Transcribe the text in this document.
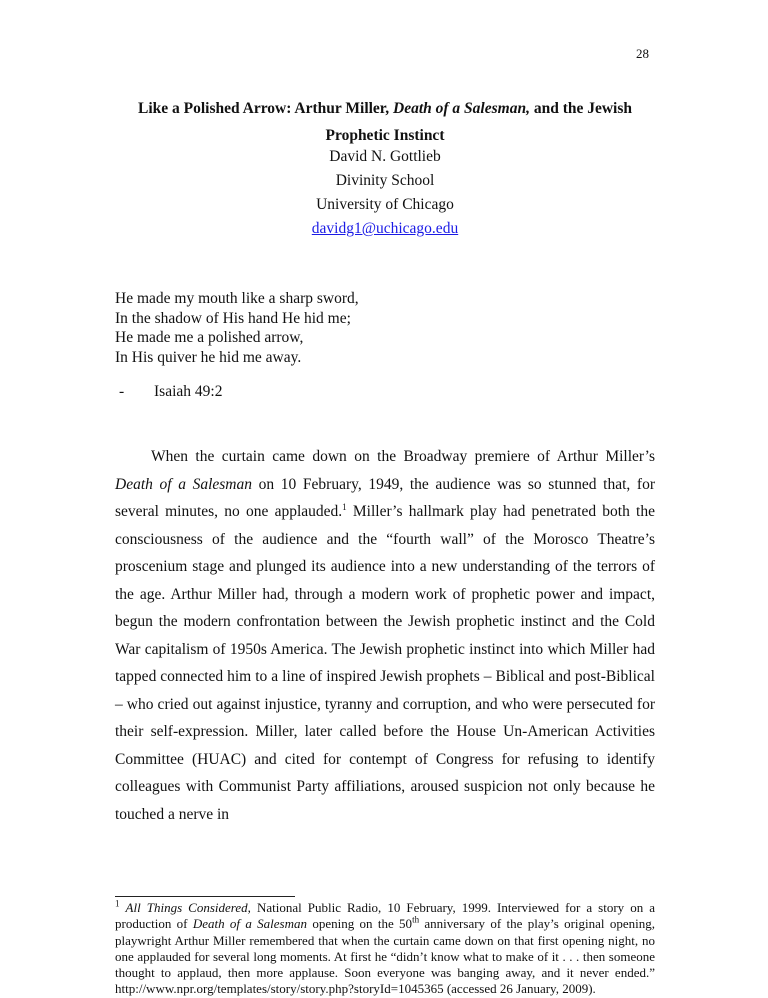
28
Like a Polished Arrow: Arthur Miller, Death of a Salesman, and the Jewish Prophetic Instinct
David N. Gottlieb
Divinity School
University of Chicago
davidg1@uchicago.edu
He made my mouth like a sharp sword,
In the shadow of His hand He hid me;
He made me a polished arrow,
In His quiver he hid me away.
- Isaiah 49:2

When the curtain came down on the Broadway premiere of Arthur Miller’s Death of a Salesman on 10 February, 1949, the audience was so stunned that, for several minutes, no one applauded.$^1$ Miller’s hallmark play had penetrated both the consciousness of the audience and the “fourth wall” of the Morosco Theatre’s proscenium stage and plunged its audience into a new understanding of the terrors of the age. Arthur Miller had, through a modern work of prophetic power and impact, begun the modern confrontation between the Jewish prophetic instinct and the Cold War capitalism of 1950s America. The Jewish prophetic instinct into which Miller had tapped connected him to a line of inspired Jewish prophets – Biblical and post-Biblical – who cried out against injustice, tyranny and corruption, and who were persecuted for their self-expression. Miller, later called before the House Un-American Activities Committee (HUAC) and cited for contempt of Congress for refusing to identify colleagues with Communist Party affiliations, aroused suspicion not only because he touched a nerve in

$^1$ All Things Considered, National Public Radio, 10 February, 1999. Interviewed for a story on a production of Death of a Salesman opening on the 50th anniversary of the play’s original opening, playwright Arthur Miller remembered that when the curtain came down on that first opening night, no one applauded for several long moments. At first he “didn’t know what to make of it . . . then someone thought to applaud, then more applause. Soon everyone was banging away, and it never ended.” http://www.npr.org/templates/story/story.php?storyId=1045365 (accessed 26 January, 2009).
